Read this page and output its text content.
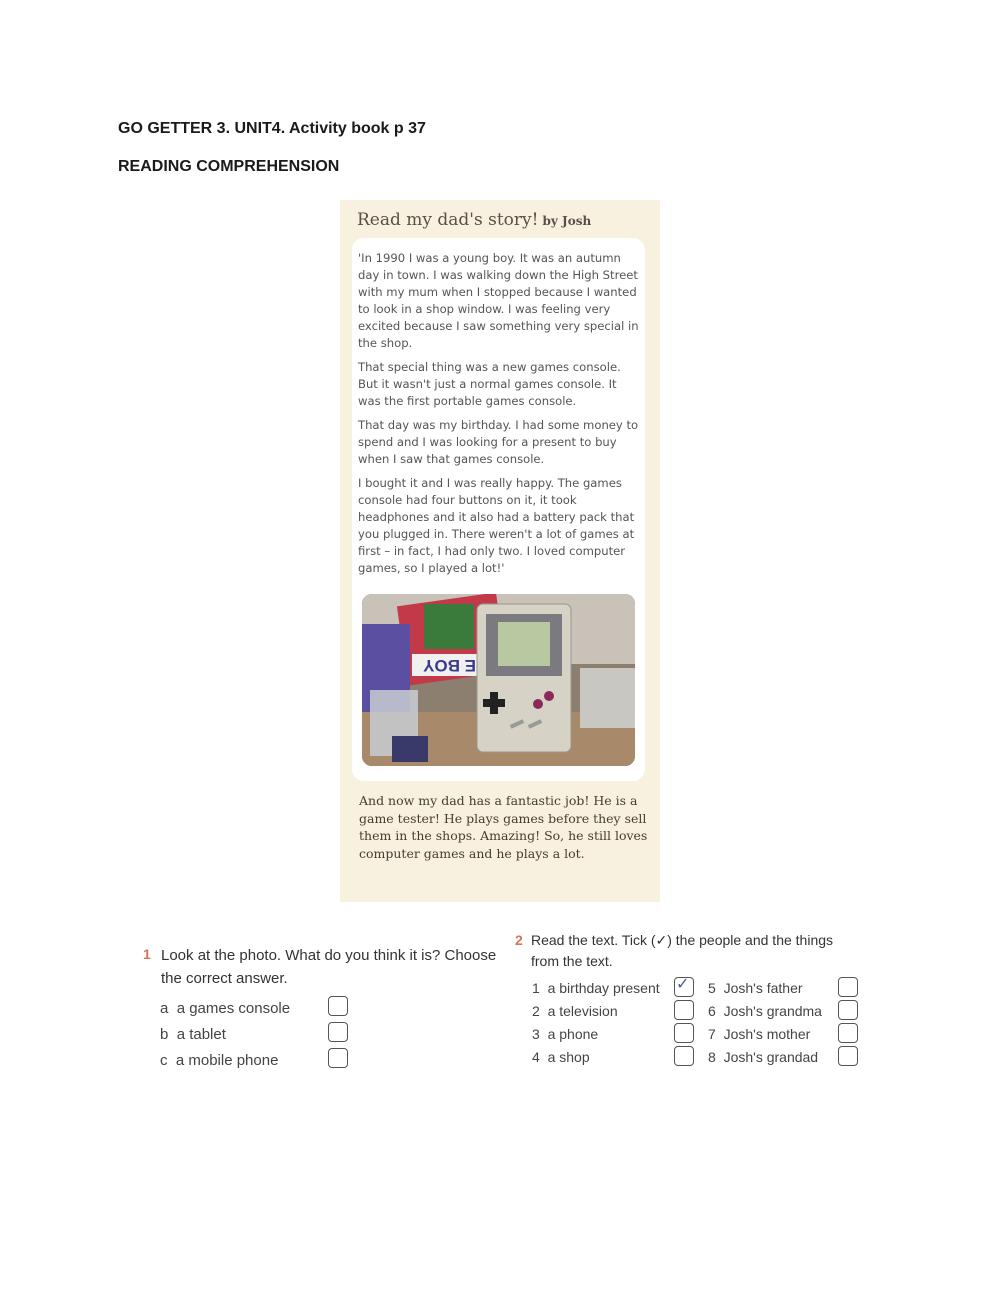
GO GETTER 3. UNIT4. Activity book p 37
READING COMPREHENSION
Read my dad's story! by Josh

'In 1990 I was a young boy. It was an autumn day in town. I was walking down the High Street with my mum when I stopped because I wanted to look in a shop window. I was feeling very excited because I saw something very special in the shop.

That special thing was a new games console. But it wasn't just a normal games console. It was the first portable games console.

That day was my birthday. I had some money to spend and I was looking for a present to buy when I saw that games console.

I bought it and I was really happy. The games console had four buttons on it, it took headphones and it also had a battery pack that you plugged in. There weren't a lot of games at first – in fact, I had only two. I loved computer games, so I played a lot!'

E BOY
And now my dad has a fantastic job! He is a game tester! He plays games before they sell them in the shops. Amazing! So, he still loves computer games and he plays a lot.
1 Look at the photo. What do you think it is? Choose the correct answer.
a a games console
b a tablet
c a mobile phone
2 Read the text. Tick (✓) the people and the things from the text.
1 a birthday present ✓
2 a television
3 a phone
4 a shop
5 Josh's father
6 Josh's grandma
7 Josh's mother
8 Josh's grandad
